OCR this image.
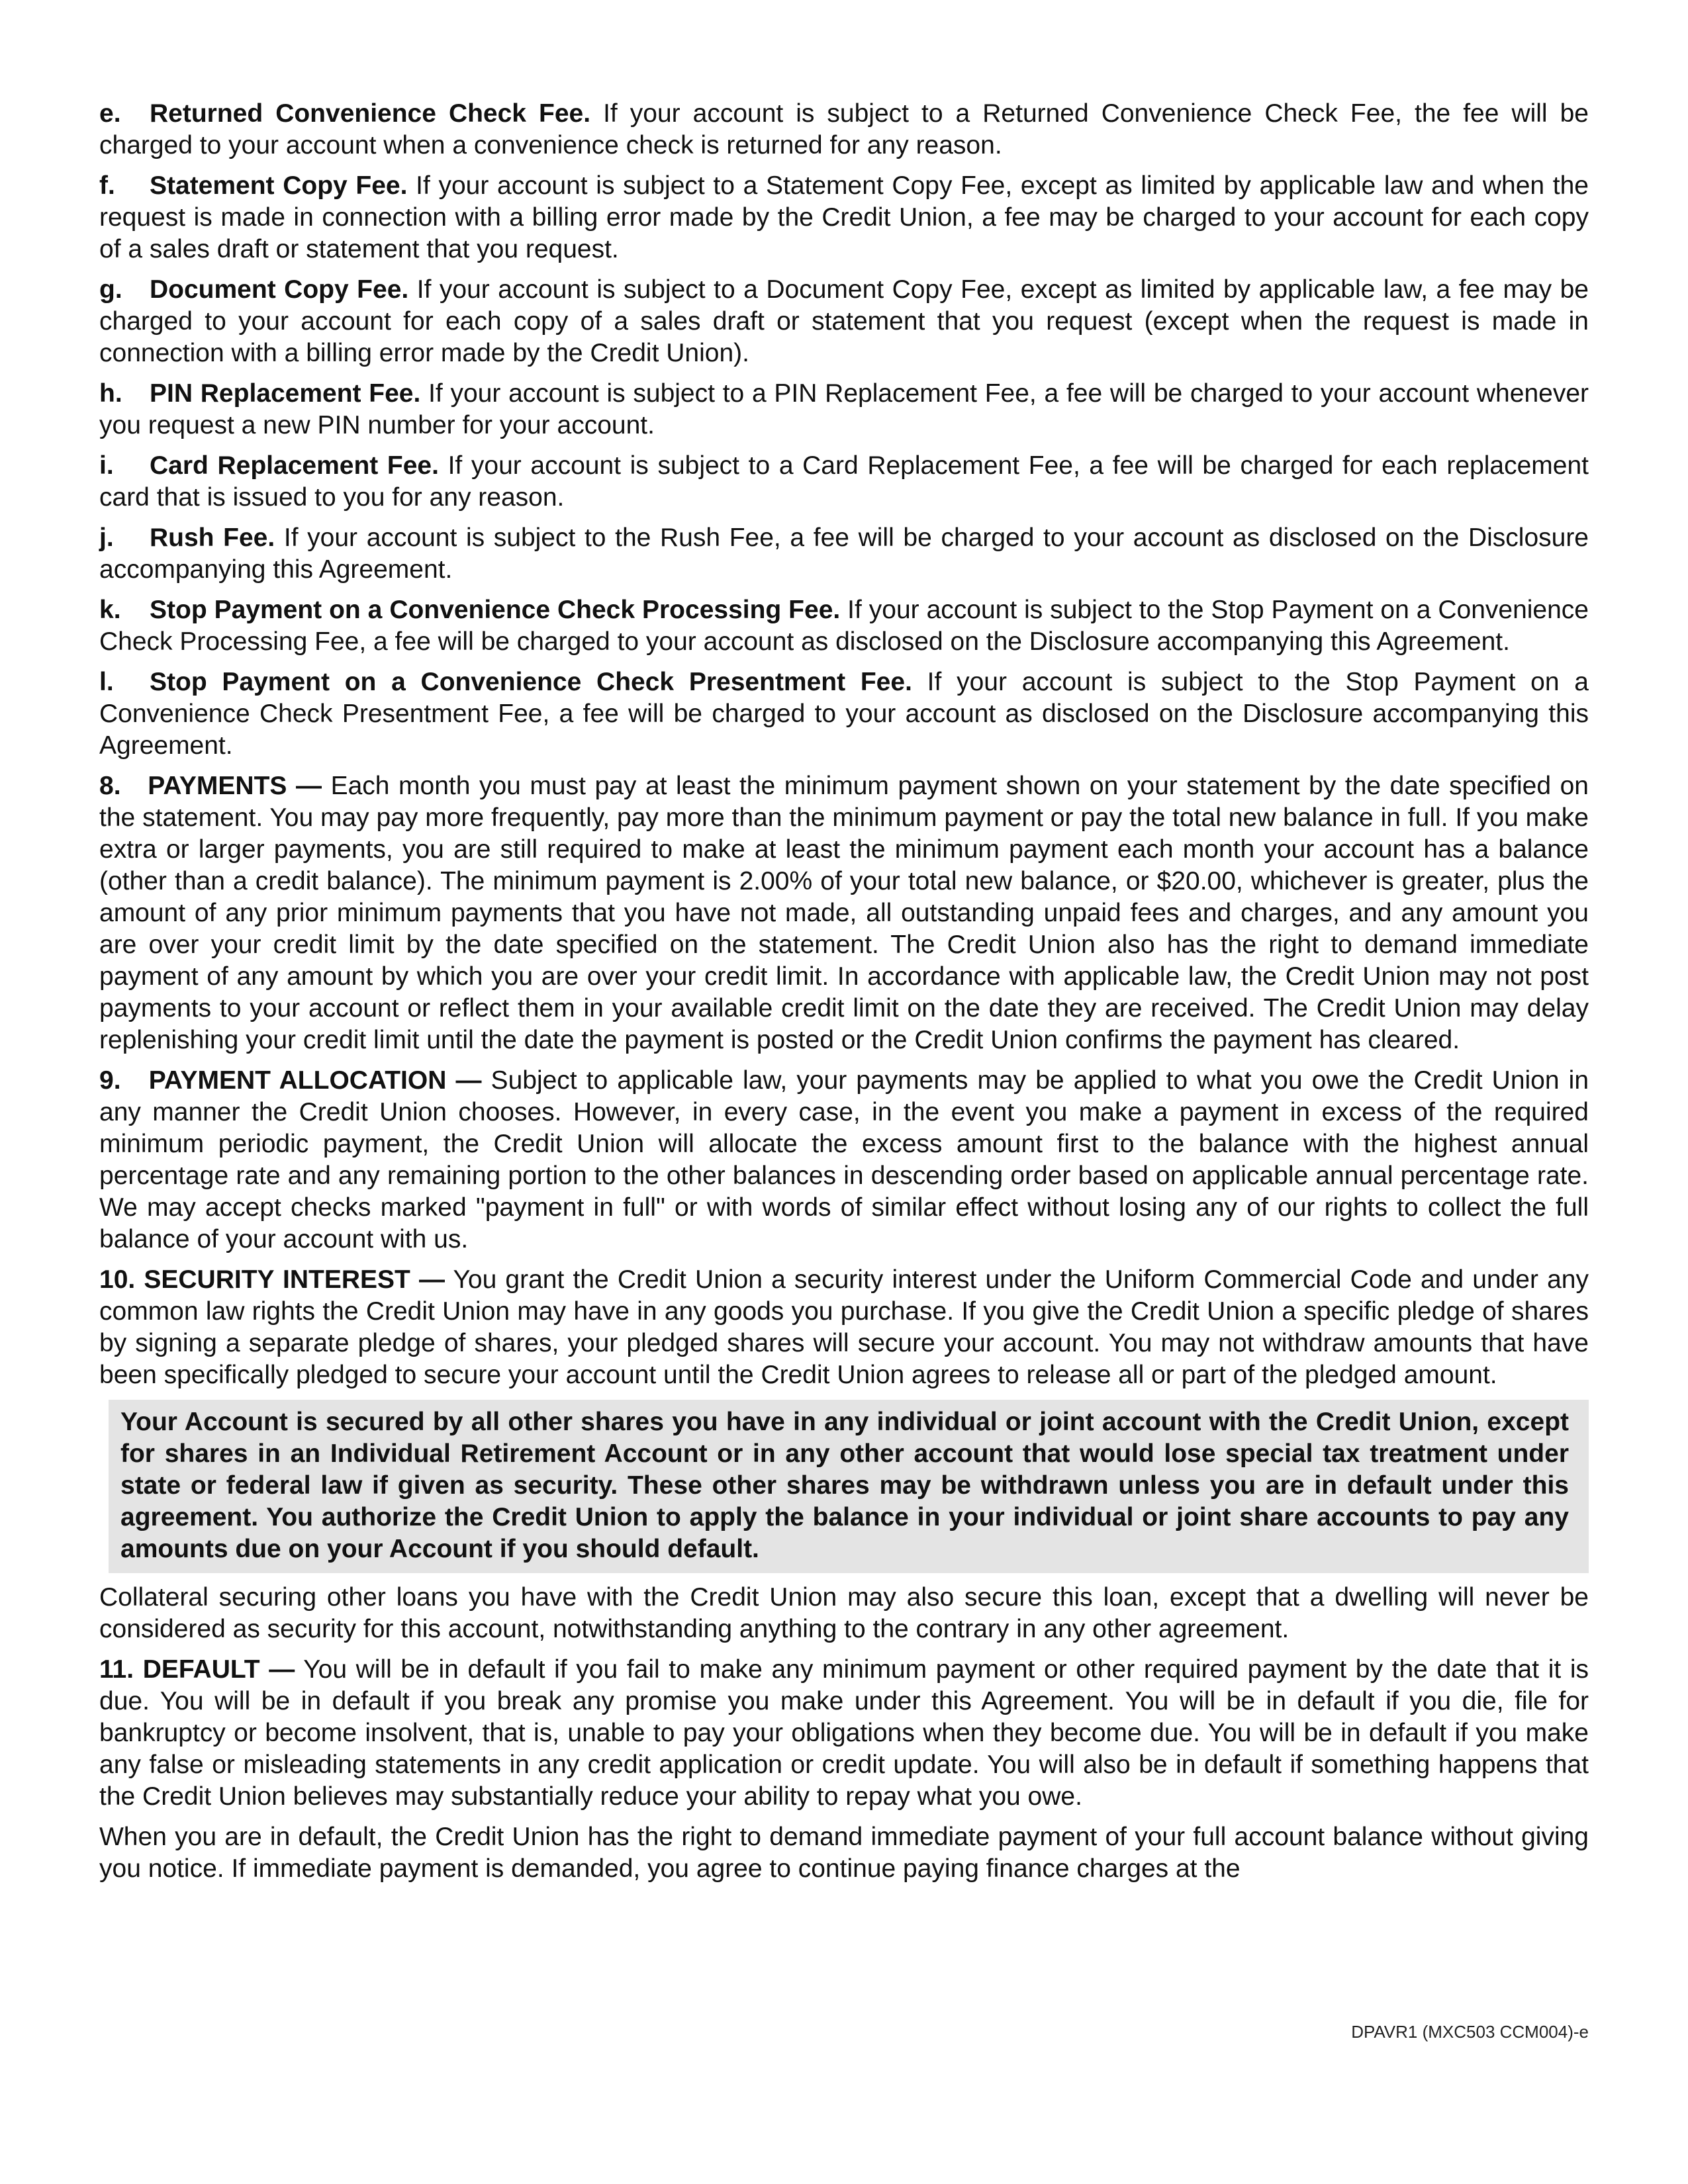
e. Returned Convenience Check Fee. If your account is subject to a Returned Convenience Check Fee, the fee will be charged to your account when a convenience check is returned for any reason.

f. Statement Copy Fee. If your account is subject to a Statement Copy Fee, except as limited by applicable law and when the request is made in connection with a billing error made by the Credit Union, a fee may be charged to your account for each copy of a sales draft or statement that you request.

g. Document Copy Fee. If your account is subject to a Document Copy Fee, except as limited by applicable law, a fee may be charged to your account for each copy of a sales draft or statement that you request (except when the request is made in connection with a billing error made by the Credit Union).

h. PIN Replacement Fee. If your account is subject to a PIN Replacement Fee, a fee will be charged to your account whenever you request a new PIN number for your account.

i. Card Replacement Fee. If your account is subject to a Card Replacement Fee, a fee will be charged for each replacement card that is issued to you for any reason.

j. Rush Fee. If your account is subject to the Rush Fee, a fee will be charged to your account as disclosed on the Disclosure accompanying this Agreement.

k. Stop Payment on a Convenience Check Processing Fee. If your account is subject to the Stop Payment on a Convenience Check Processing Fee, a fee will be charged to your account as disclosed on the Disclosure accompanying this Agreement.

l. Stop Payment on a Convenience Check Presentment Fee. If your account is subject to the Stop Payment on a Convenience Check Presentment Fee, a fee will be charged to your account as disclosed on the Disclosure accompanying this Agreement.

8.   PAYMENTS — Each month you must pay at least the minimum payment shown on your statement by the date specified on the statement. You may pay more frequently, pay more than the minimum payment or pay the total new balance in full. If you make extra or larger payments, you are still required to make at least the minimum payment each month your account has a balance (other than a credit balance). The minimum payment is 2.00% of your total new balance, or $20.00, whichever is greater, plus the amount of any prior minimum payments that you have not made, all outstanding unpaid fees and charges, and any amount you are over your credit limit by the date specified on the statement. The Credit Union also has the right to demand immediate payment of any amount by which you are over your credit limit. In accordance with applicable law, the Credit Union may not post payments to your account or reflect them in your available credit limit on the date they are received. The Credit Union may delay replenishing your credit limit until the date the payment is posted or the Credit Union confirms the payment has cleared.

9.   PAYMENT ALLOCATION — Subject to applicable law, your payments may be applied to what you owe the Credit Union in any manner the Credit Union chooses. However, in every case, in the event you make a payment in excess of the required minimum periodic payment, the Credit Union will allocate the excess amount first to the balance with the highest annual percentage rate and any remaining portion to the other balances in descending order based on applicable annual percentage rate. We may accept checks marked "payment in full" or with words of similar effect without losing any of our rights to collect the full balance of your account with us.

10. SECURITY INTEREST — You grant the Credit Union a security interest under the Uniform Commercial Code and under any common law rights the Credit Union may have in any goods you purchase. If you give the Credit Union a specific pledge of shares by signing a separate pledge of shares, your pledged shares will secure your account. You may not withdraw amounts that have been specifically pledged to secure your account until the Credit Union agrees to release all or part of the pledged amount.

Your Account is secured by all other shares you have in any individual or joint account with the Credit Union, except for shares in an Individual Retirement Account or in any other account that would lose special tax treatment under state or federal law if given as security. These other shares may be withdrawn unless you are in default under this agreement. You authorize the Credit Union to apply the balance in your individual or joint share accounts to pay any amounts due on your Account if you should default.

Collateral securing other loans you have with the Credit Union may also secure this loan, except that a dwelling will never be considered as security for this account, notwithstanding anything to the contrary in any other agreement.

11. DEFAULT — You will be in default if you fail to make any minimum payment or other required payment by the date that it is due. You will be in default if you break any promise you make under this Agreement. You will be in default if you die, file for bankruptcy or become insolvent, that is, unable to pay your obligations when they become due. You will be in default if you make any false or misleading statements in any credit application or credit update. You will also be in default if something happens that the Credit Union believes may substantially reduce your ability to repay what you owe.

When you are in default, the Credit Union has the right to demand immediate payment of your full account balance without giving you notice. If immediate payment is demanded, you agree to continue paying finance charges at the

DPAVR1 (MXC503 CCM004)-e
